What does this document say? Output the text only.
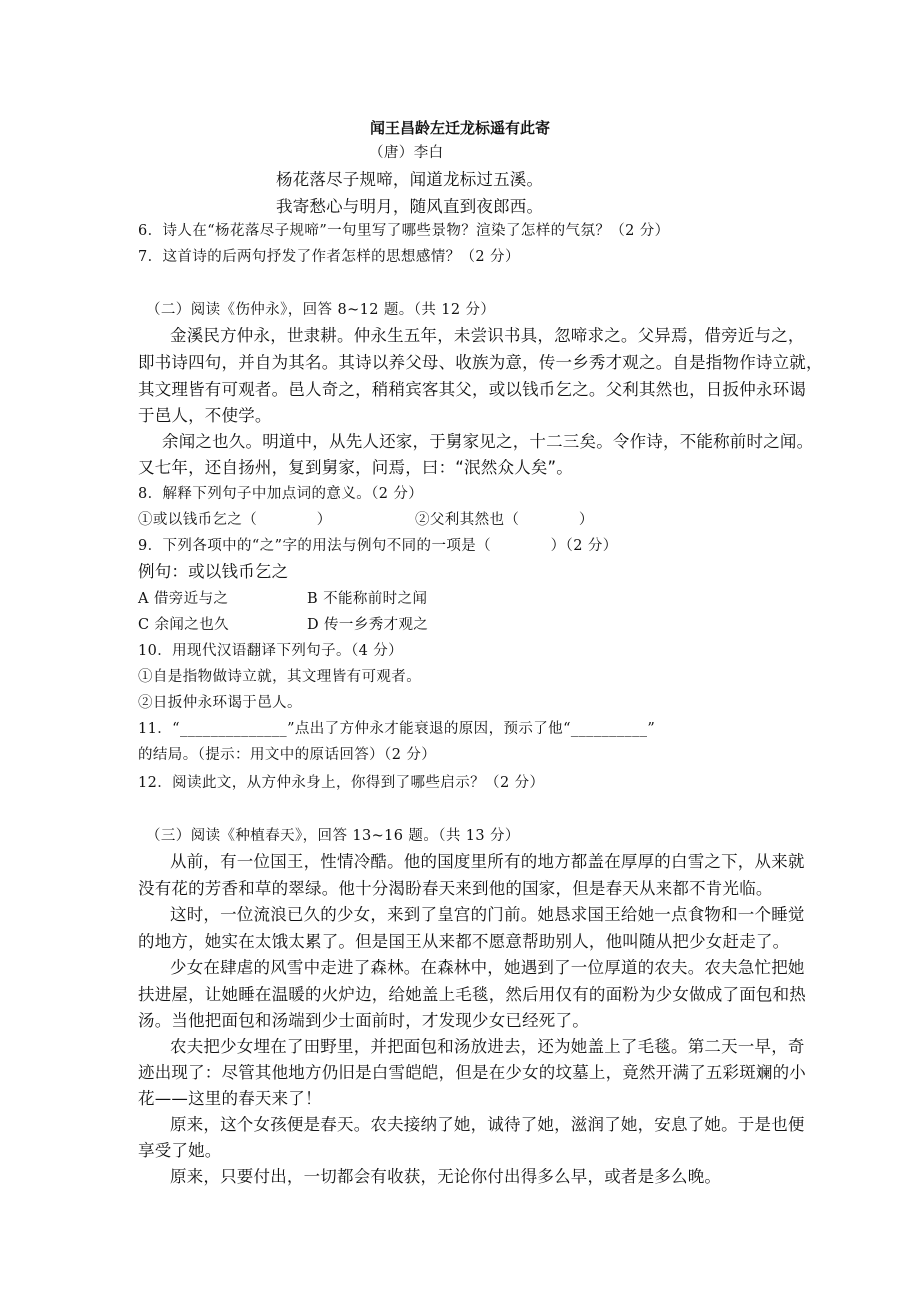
闻王昌龄左迁龙标遥有此寄
（唐）李白
杨花落尽子规啼，闻道龙标过五溪。
我寄愁心与明月，随风直到夜郎西。
6．诗人在“杨花落尽子规啼”一句里写了哪些景物？渲染了怎样的气氛？（2 分）
7．这首诗的后两句抒发了作者怎样的思想感情？（2 分）
（二）阅读《伤仲永》，回答 8~12 题。（共 12 分）
金溪民方仲永，世隶耕。仲永生五年，未尝识书具，忽啼求之。父异焉，借旁近与之，
即书诗四句，并自为其名。其诗以养父母、收族为意，传一乡秀才观之。自是指物作诗立就，
其文理皆有可观者。邑人奇之，稍稍宾客其父，或以钱币乞之。父利其然也，日扳仲永环谒
于邑人，不使学。
余闻之也久。明道中，从先人还家，于舅家见之，十二三矣。令作诗，不能称前时之闻。
又七年，还自扬州，复到舅家，问焉，曰：“泯然众人矣”。
8．解释下列句子中加点词的意义。（2 分）
①或以钱币乞之（　　　　）	②父利其然也（　　　　）
9．下列各项中的“之”字的用法与例句不同的一项是（　　　　）（2 分）
例句：或以钱币乞之
A 借旁近与之	B 不能称前时之闻
C 余闻之也久	D 传一乡秀才观之
10．用现代汉语翻译下列句子。（4 分）
①自是指物做诗立就，其文理皆有可观者。
②日扳仲永环谒于邑人。
11．“______________”点出了方仲永才能衰退的原因，预示了他“__________”
的结局。（提示：用文中的原话回答）（2 分）
12．阅读此文，从方仲永身上，你得到了哪些启示？（2 分）
（三）阅读《种植春天》，回答 13~16 题。（共 13 分）
从前，有一位国王，性情冷酷。他的国度里所有的地方都盖在厚厚的白雪之下，从来就
没有花的芳香和草的翠绿。他十分渴盼春天来到他的国家，但是春天从来都不肯光临。
这时，一位流浪已久的少女，来到了皇宫的门前。她恳求国王给她一点食物和一个睡觉
的地方，她实在太饿太累了。但是国王从来都不愿意帮助别人，他叫随从把少女赶走了。
少女在肆虐的风雪中走进了森林。在森林中，她遇到了一位厚道的农夫。农夫急忙把她
扶进屋，让她睡在温暖的火炉边，给她盖上毛毯，然后用仅有的面粉为少女做成了面包和热
汤。当他把面包和汤端到少士面前时，才发现少女已经死了。
农夫把少女埋在了田野里，并把面包和汤放进去，还为她盖上了毛毯。第二天一早，奇
迹出现了：尽管其他地方仍旧是白雪皑皑，但是在少女的坟墓上，竟然开满了五彩斑斓的小
花——这里的春天来了！
原来，这个女孩便是春天。农夫接纳了她，诚待了她，滋润了她，安息了她。于是也便
享受了她。
原来，只要付出，一切都会有收获，无论你付出得多么早，或者是多么晚。
